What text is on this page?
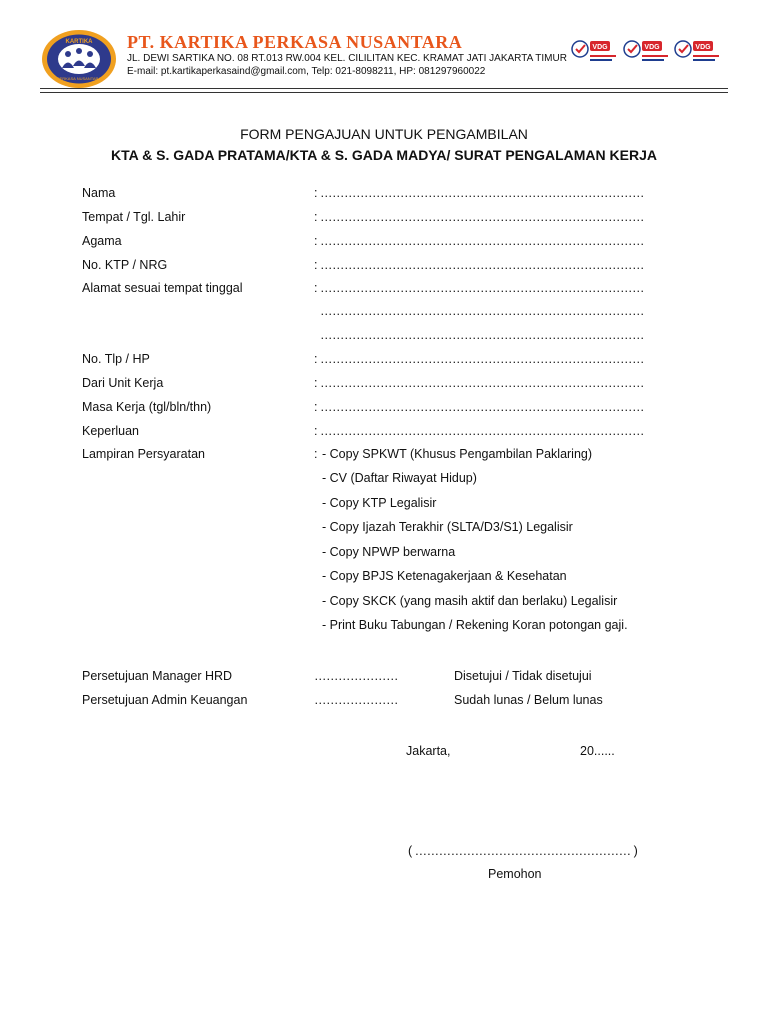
KARTIKA
PERKASA NUSANTARA
PT. KARTIKA PERKASA NUSANTARA
JL. DEWI SARTIKA NO. 08 RT.013 RW.004 KEL. CILILITAN KEC. KRAMAT JATI JAKARTA TIMUR
E-mail: pt.kartikaperkasaind@gmail.com, Telp: 021-8098211, HP: 081297960022
VDG	VDG	VDG
FORM PENGAJUAN UNTUK PENGAMBILAN
KTA & S. GADA PRATAMA/KTA & S. GADA MADYA/ SURAT PENGALAMAN KERJA
Nama	: ………………………………………………………………………
Tempat / Tgl. Lahir	: ………………………………………………………………………
Agama	: ………………………………………………………………………
No. KTP / NRG	: ………………………………………………………………………
Alamat sesuai tempat tinggal	: ………………………………………………………………………
………………………………………………………………………
………………………………………………………………………
No. Tlp / HP	: ………………………………………………………………………
Dari Unit Kerja	: ………………………………………………………………………
Masa Kerja (tgl/bln/thn)	: ………………………………………………………………………
Keperluan	: ………………………………………………………………………
Lampiran Persyaratan	: - Copy SPKWT (Khusus Pengambilan Paklaring)
- CV (Daftar Riwayat Hidup)
- Copy KTP Legalisir
- Copy Ijazah Terakhir (SLTA/D3/S1) Legalisir
- Copy NPWP berwarna
- Copy BPJS Ketenagakerjaan & Kesehatan
- Copy SKCK (yang masih aktif dan berlaku) Legalisir
- Print Buku Tabungan / Rekening Koran potongan gaji.
Persetujuan Manager HRD	…………………	Disetujui / Tidak disetujui
Persetujuan Admin Keuangan	…………………	Sudah lunas / Belum lunas
Jakarta,	20......
( ……………………………………………… )
Pemohon
